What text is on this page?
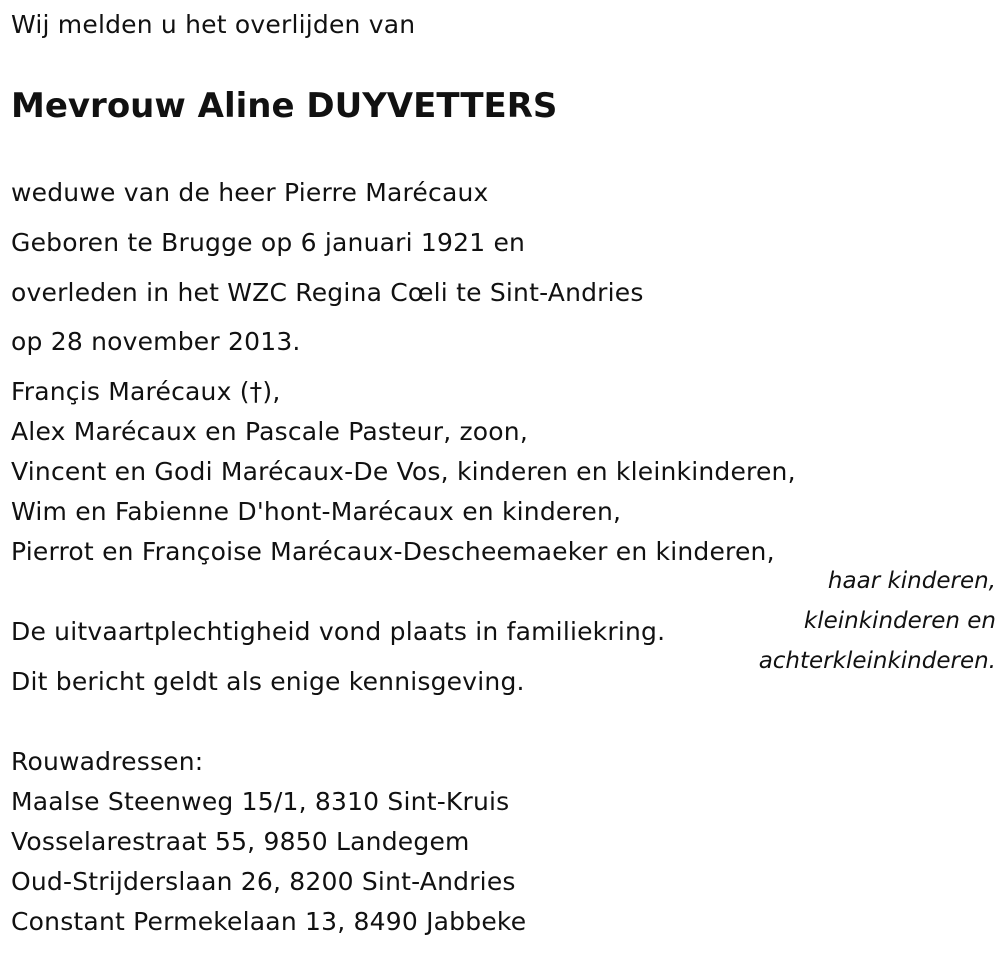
Wij melden u het overlijden van
Mevrouw Aline DUYVETTERS
weduwe van de heer Pierre Marécaux
Geboren te Brugge op 6 januari 1921 en
overleden in het WZC Regina Cœli te Sint-Andries
op 28 november 2013.
Françis Marécaux (†),
Alex Marécaux en Pascale Pasteur, zoon,
Vincent en Godi Marécaux-De Vos, kinderen en kleinkinderen,
Wim en Fabienne D'hont-Marécaux en kinderen,
Pierrot en Françoise Marécaux-Descheemaeker en kinderen,
haar kinderen,
kleinkinderen en
achterkleinkinderen.
De uitvaartplechtigheid vond plaats in familiekring.
Dit bericht geldt als enige kennisgeving.
Rouwadressen:
Maalse Steenweg 15/1, 8310 Sint-Kruis
Vosselarestraat 55, 9850 Landegem
Oud-Strijderslaan 26, 8200 Sint-Andries
Constant Permekelaan 13, 8490 Jabbeke
